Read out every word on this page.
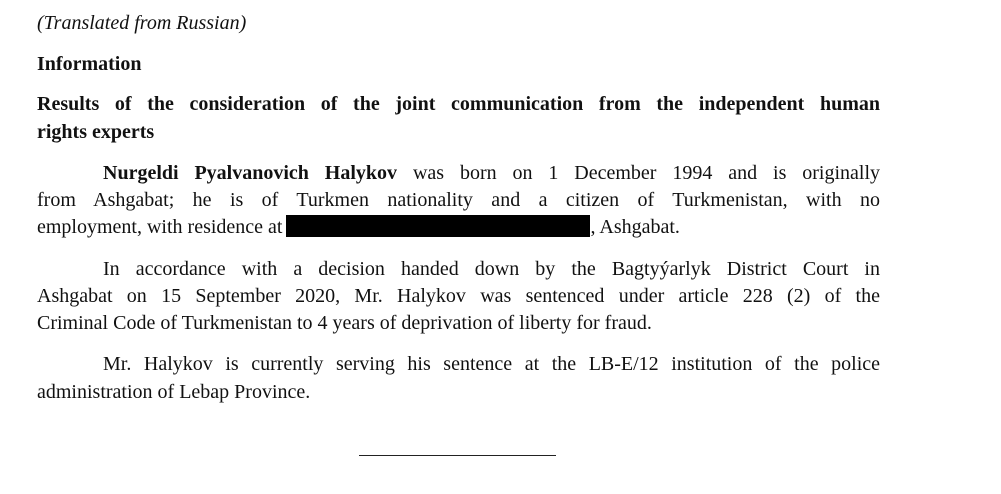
(Translated from Russian)
Information
Results of the consideration of the joint communication from the independent human
rights experts
Nurgeldi Pyalvanovich Halykov was born on 1 December 1994 and is originally
from Ashgabat; he is of Turkmen nationality and a citizen of Turkmenistan, with no
employment, with residence at	, Ashgabat.
In accordance with a decision handed down by the Bagtyýarlyk District Court in
Ashgabat on 15 September 2020, Mr. Halykov was sentenced under article 228 (2) of the
Criminal Code of Turkmenistan to 4 years of deprivation of liberty for fraud.
Mr. Halykov is currently serving his sentence at the LB-E/12 institution of the police
administration of Lebap Province.
